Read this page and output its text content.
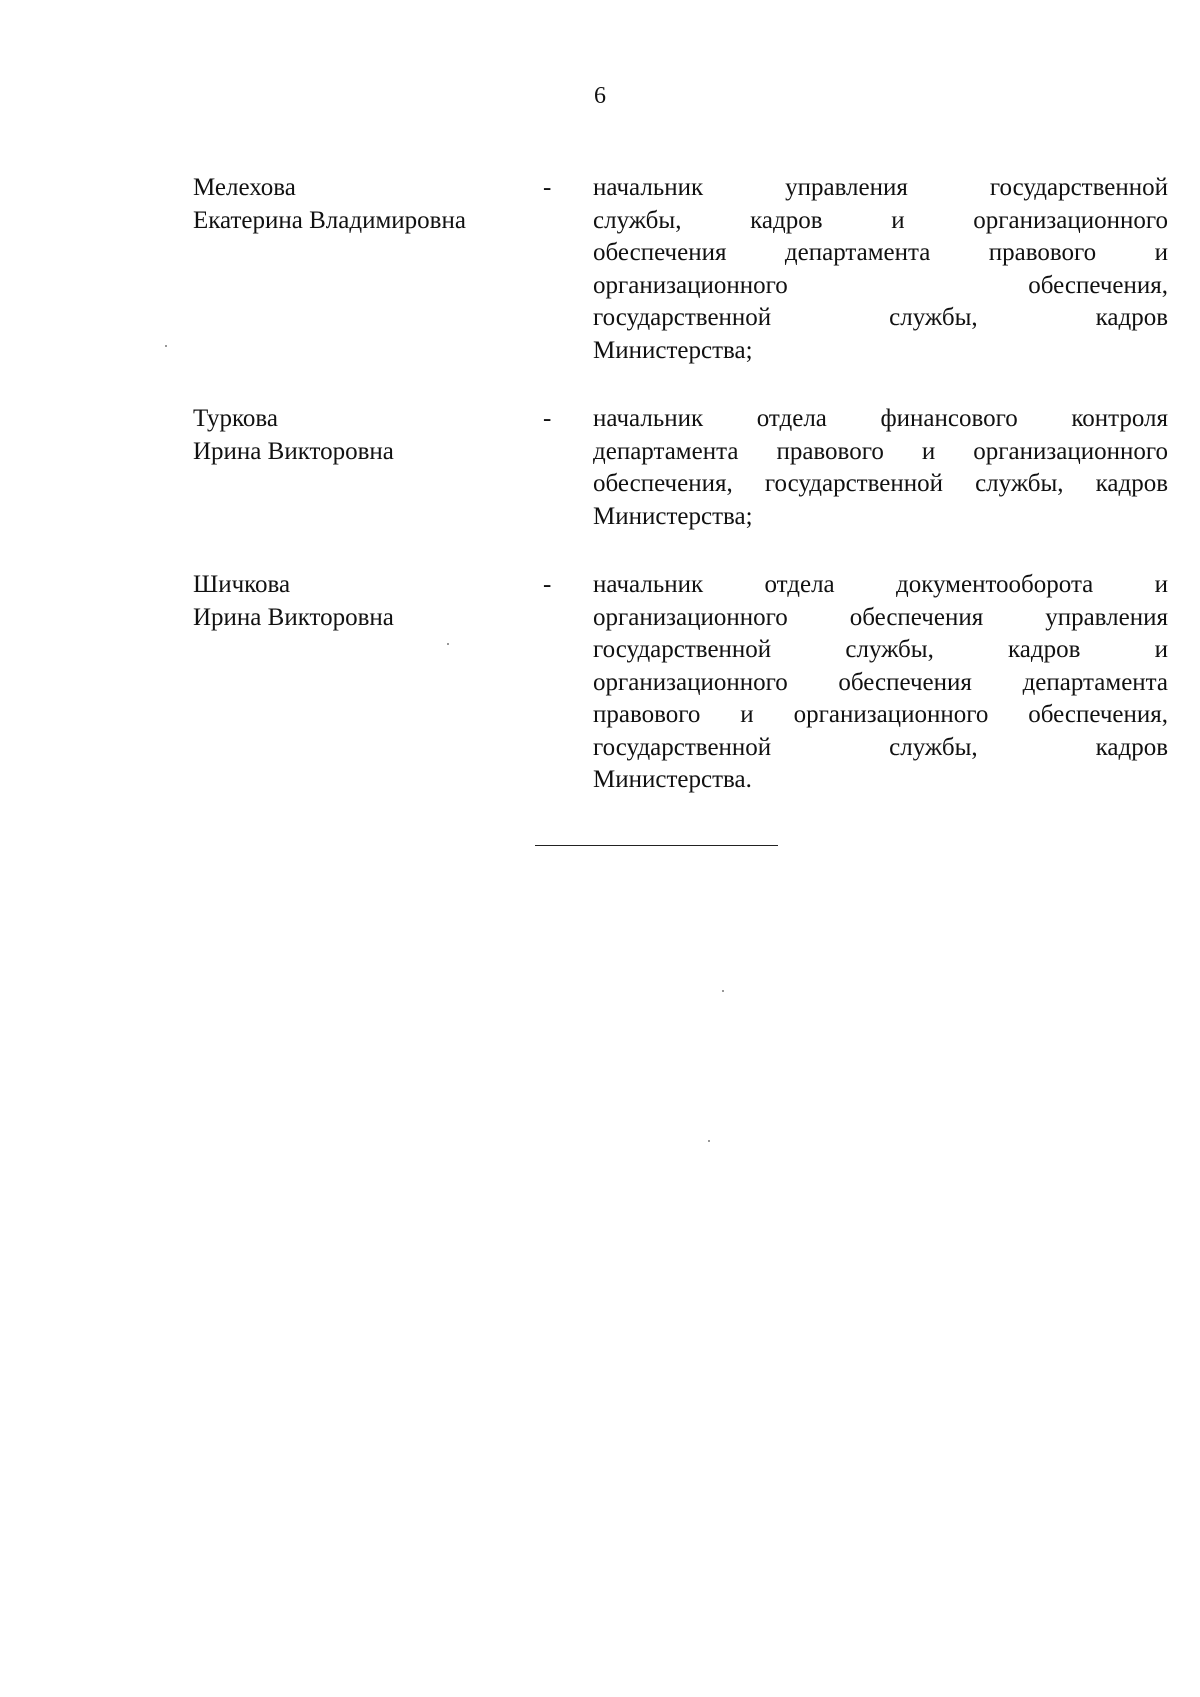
6
Мелехова
Екатерина Владимировна
-	начальник управления государственной
службы, кадров и организационного
обеспечения департамента правового и
организационного обеспечения,
государственной службы, кадров
Министерства;
Туркова
Ирина Викторовна
-	начальник отдела финансового контроля
департамента правового и организационного
обеспечения, государственной службы, кадров
Министерства;
Шичкова
Ирина Викторовна
-	начальник отдела документооборота и
организационного обеспечения управления
государственной службы, кадров и
организационного обеспечения департамента
правового и организационного обеспечения,
государственной службы, кадров
Министерства.
